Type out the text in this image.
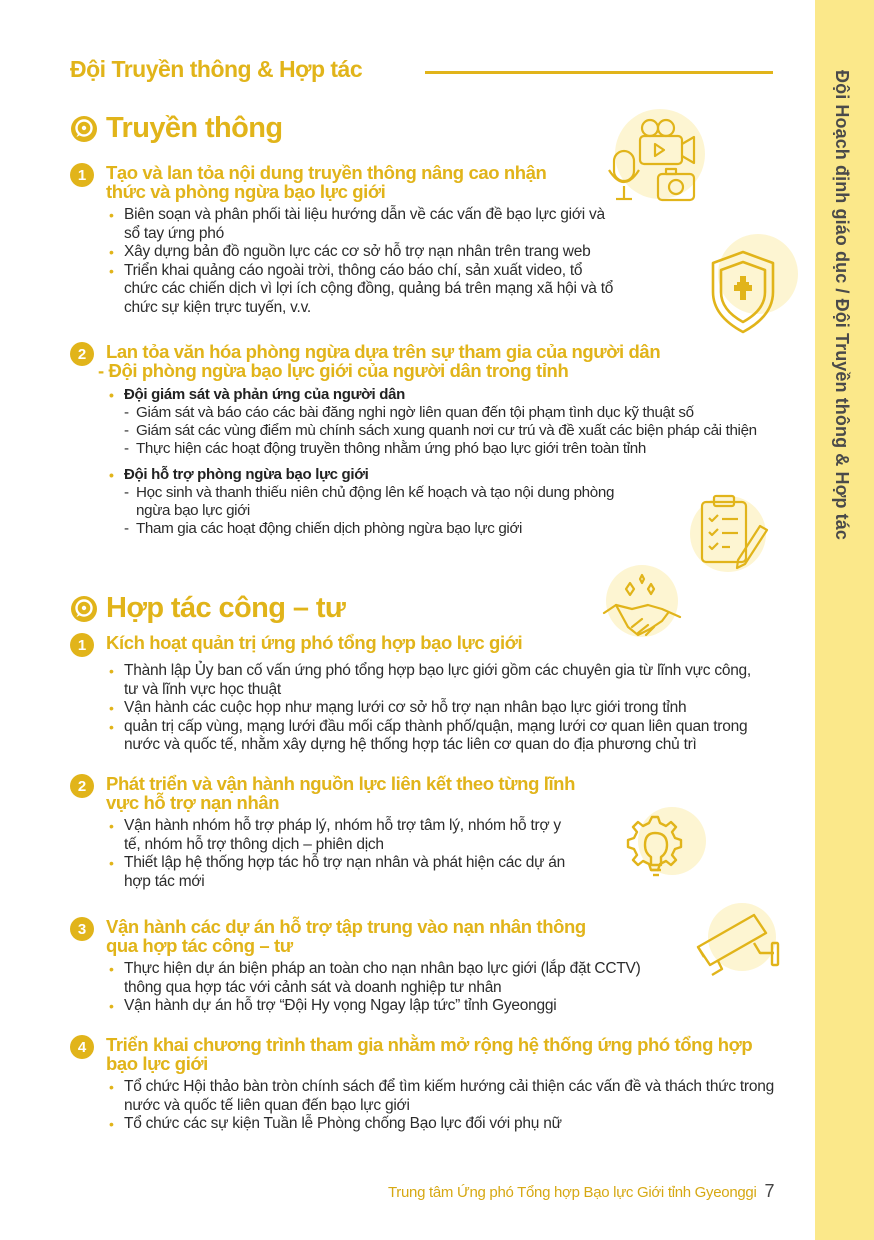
Đội Hoạch định giáo dục / Đội Truyền thông & Hợp tác
Đội Truyền thông & Hợp tác
Truyền thông
1	Tạo và lan tỏa nội dung truyền thông nâng cao nhận thức và phòng ngừa bạo lực giới
• Biên soạn và phân phối tài liệu hướng dẫn về các vấn đề bạo lực giới và sổ tay ứng phó
• Xây dựng bản đồ nguồn lực các cơ sở hỗ trợ nạn nhân trên trang web
• Triển khai quảng cáo ngoài trời, thông cáo báo chí, sản xuất video, tổ chức các chiến dịch vì lợi ích cộng đồng, quảng bá trên mạng xã hội và tổ chức sự kiện trực tuyến, v.v.
2	Lan tỏa văn hóa phòng ngừa dựa trên sự tham gia của người dân
- Đội phòng ngừa bạo lực giới của người dân trong tỉnh
• Đội giám sát và phản ứng của người dân
- Giám sát và báo cáo các bài đăng nghi ngờ liên quan đến tội phạm tình dục kỹ thuật số
- Giám sát các vùng điểm mù chính sách xung quanh nơi cư trú và đề xuất các biện pháp cải thiện
- Thực hiện các hoạt động truyền thông nhằm ứng phó bạo lực giới trên toàn tỉnh
• Đội hỗ trợ phòng ngừa bạo lực giới
- Học sinh và thanh thiếu niên chủ động lên kế hoạch và tạo nội dung phòng ngừa bạo lực giới
- Tham gia các hoạt động chiến dịch phòng ngừa bạo lực giới
Hợp tác công – tư
1	Kích hoạt quản trị ứng phó tổng hợp bạo lực giới
• Thành lập Ủy ban cố vấn ứng phó tổng hợp bạo lực giới gồm các chuyên gia từ lĩnh vực công, tư và lĩnh vực học thuật
• Vận hành các cuộc họp như mạng lưới cơ sở hỗ trợ nạn nhân bạo lực giới trong tỉnh
• quản trị cấp vùng, mạng lưới đầu mối cấp thành phố/quận, mạng lưới cơ quan liên quan trong nước và quốc tế, nhằm xây dựng hệ thống hợp tác liên cơ quan do địa phương chủ trì
2	Phát triển và vận hành nguồn lực liên kết theo từng lĩnh vực hỗ trợ nạn nhân
• Vận hành nhóm hỗ trợ pháp lý, nhóm hỗ trợ tâm lý, nhóm hỗ trợ y tế, nhóm hỗ trợ thông dịch – phiên dịch
• Thiết lập hệ thống hợp tác hỗ trợ nạn nhân và phát hiện các dự án hợp tác mới
3	Vận hành các dự án hỗ trợ tập trung vào nạn nhân thông qua hợp tác công – tư
• Thực hiện dự án biện pháp an toàn cho nạn nhân bạo lực giới (lắp đặt CCTV) thông qua hợp tác với cảnh sát và doanh nghiệp tư nhân
• Vận hành dự án hỗ trợ “Đội Hy vọng Ngay lập tức” tỉnh Gyeonggi
4	Triển khai chương trình tham gia nhằm mở rộng hệ thống ứng phó tổng hợp bạo lực giới
• Tổ chức Hội thảo bàn tròn chính sách để tìm kiếm hướng cải thiện các vấn đề và thách thức trong nước và quốc tế liên quan đến bạo lực giới
• Tổ chức các sự kiện Tuần lễ Phòng chống Bạo lực đối với phụ nữ
Trung tâm Ứng phó Tổng hợp Bạo lực Giới tỉnh Gyeonggi 7
